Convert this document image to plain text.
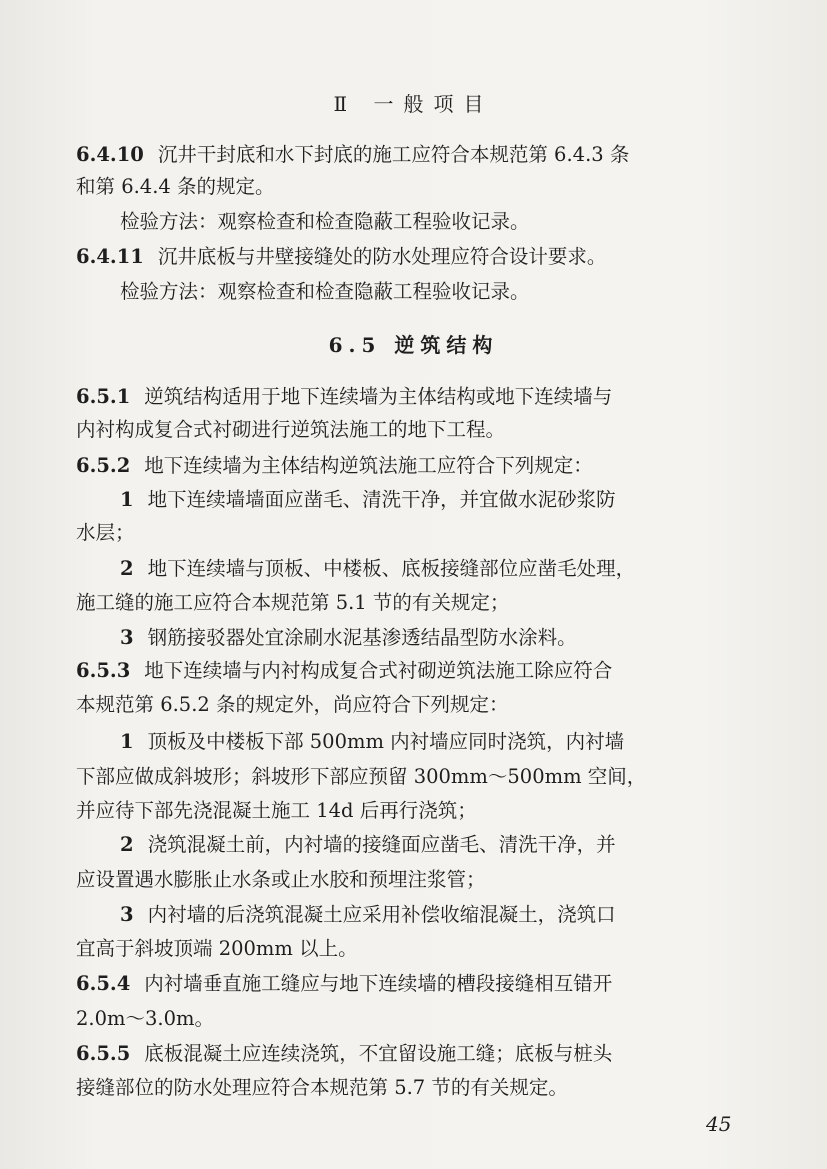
Ⅱ 一般项目
6.4.10 沉井干封底和水下封底的施工应符合本规范第 6.4.3 条
和第 6.4.4 条的规定。
检验方法：观察检查和检查隐蔽工程验收记录。
6.4.11 沉井底板与井壁接缝处的防水处理应符合设计要求。
检验方法：观察检查和检查隐蔽工程验收记录。
6.5 逆筑结构
6.5.1 逆筑结构适用于地下连续墙为主体结构或地下连续墙与
内衬构成复合式衬砌进行逆筑法施工的地下工程。
6.5.2 地下连续墙为主体结构逆筑法施工应符合下列规定：
1 地下连续墙墙面应凿毛、清洗干净，并宜做水泥砂浆防
水层；
2 地下连续墙与顶板、中楼板、底板接缝部位应凿毛处理，
施工缝的施工应符合本规范第 5.1 节的有关规定；
3 钢筋接驳器处宜涂刷水泥基渗透结晶型防水涂料。
6.5.3 地下连续墙与内衬构成复合式衬砌逆筑法施工除应符合
本规范第 6.5.2 条的规定外，尚应符合下列规定：
1 顶板及中楼板下部 500mm 内衬墙应同时浇筑，内衬墙
下部应做成斜坡形；斜坡形下部应预留 300mm～500mm 空间，
并应待下部先浇混凝土施工 14d 后再行浇筑；
2 浇筑混凝土前，内衬墙的接缝面应凿毛、清洗干净，并
应设置遇水膨胀止水条或止水胶和预埋注浆管；
3 内衬墙的后浇筑混凝土应采用补偿收缩混凝土，浇筑口
宜高于斜坡顶端 200mm 以上。
6.5.4 内衬墙垂直施工缝应与地下连续墙的槽段接缝相互错开
2.0m～3.0m。
6.5.5 底板混凝土应连续浇筑，不宜留设施工缝；底板与桩头
接缝部位的防水处理应符合本规范第 5.7 节的有关规定。
45
